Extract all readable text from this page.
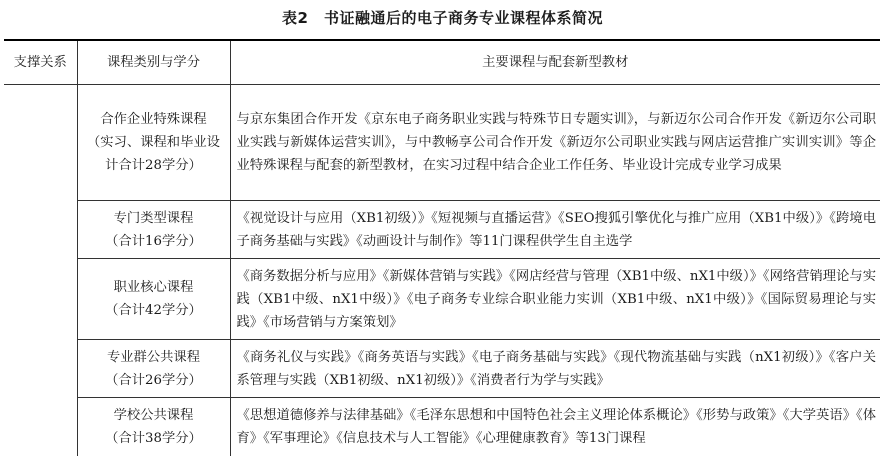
表2　书证融通后的电子商务专业课程体系简况
支撑关系	课程类别与学分	主要课程与配套新型教材

	合作企业特殊课程
（实习、课程和毕业设
计合计28学分）	与京东集团合作开发《京东电子商务职业实践与特殊节日专题实训》，与新迈尔公司合作开发《新迈尔公司职业实践与新媒体运营实训》，与中教畅享公司合作开发《新迈尔公司职业实践与网店运营推广实训实训》等企业特殊课程与配套的新型教材，在实习过程中结合企业工作任务、毕业设计完成专业学习成果

	专门类型课程
（合计16学分）	《视觉设计与应用（XB1初级）》《短视频与直播运营》《SEO搜狐引擎优化与推广应用（XB1中级）》《跨境电子商务基础与实践》《动画设计与制作》等11门课程供学生自主选学

	职业核心课程
（合计42学分）	《商务数据分析与应用》《新媒体营销与实践》《网店经营与管理（XB1中级、nX1中级）》《网络营销理论与实践（XB1中级、nX1中级）》《电子商务专业综合职业能力实训（XB1中级、nX1中级）》《国际贸易理论与实践》《市场营销与方案策划》

	专业群公共课程
（合计26学分）	《商务礼仪与实践》《商务英语与实践》《电子商务基础与实践》《现代物流基础与实践（nX1初级）》《客户关系管理与实践（XB1初级、nX1初级）》《消费者行为学与实践》

	学校公共课程
（合计38学分）	《思想道德修养与法律基础》《毛泽东思想和中国特色社会主义理论体系概论》《形势与政策》《大学英语》《体育》《军事理论》《信息技术与人工智能》《心理健康教育》等13门课程
